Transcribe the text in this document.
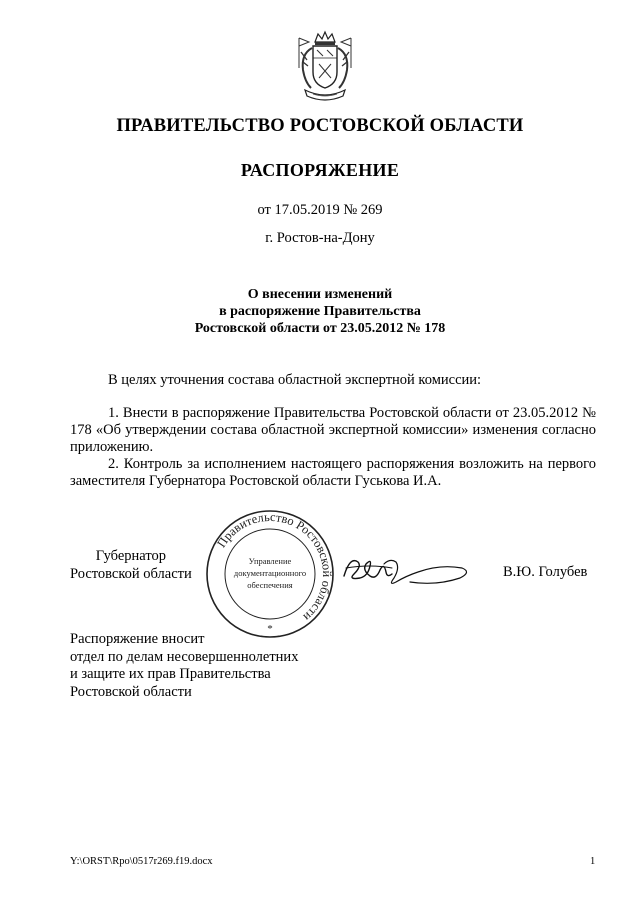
ПРАВИТЕЛЬСТВО РОСТОВСКОЙ ОБЛАСТИ
РАСПОРЯЖЕНИЕ
от 17.05.2019 № 269
г. Ростов-на-Дону
О внесении изменений
в распоряжение Правительства
Ростовской области от 23.05.2012 № 178
В целях уточнения состава областной экспертной комиссии:
1. Внести в распоряжение Правительства Ростовской области от 23.05.2012 № 178 «Об утверждении состава областной экспертной комиссии» изменения согласно приложению.
2. Контроль за исполнением настоящего распоряжения возложить на первого заместителя Губернатора Ростовской области Гуськова И.А.
Губернатор
Ростовской области
Правительство Ростовской области
Управление
документационного
обеспечения
*
В.Ю. Голубев
Распоряжение вносит
отдел по делам несовершеннолетних
и защите их прав Правительства
Ростовской области
Y:\ORST\Rpo\0517r269.f19.docx	1
